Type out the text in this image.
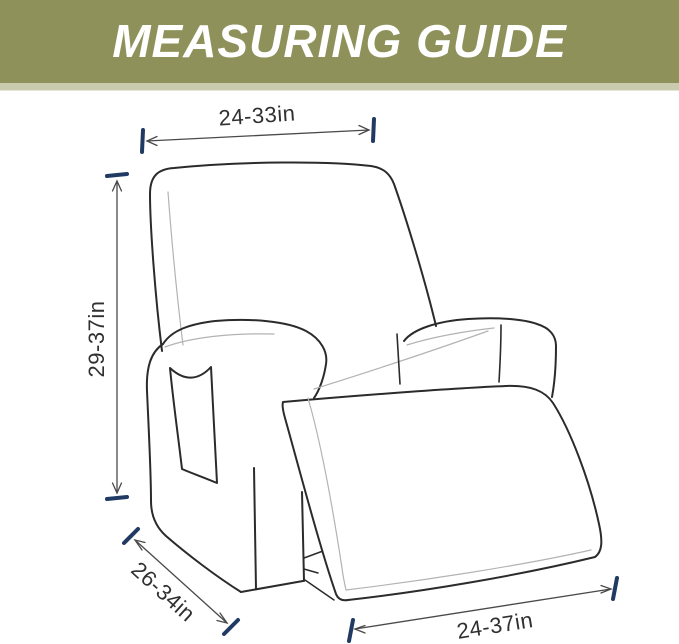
MEASURING GUIDE
24-33in
29-37in
26-34in	24-37in
